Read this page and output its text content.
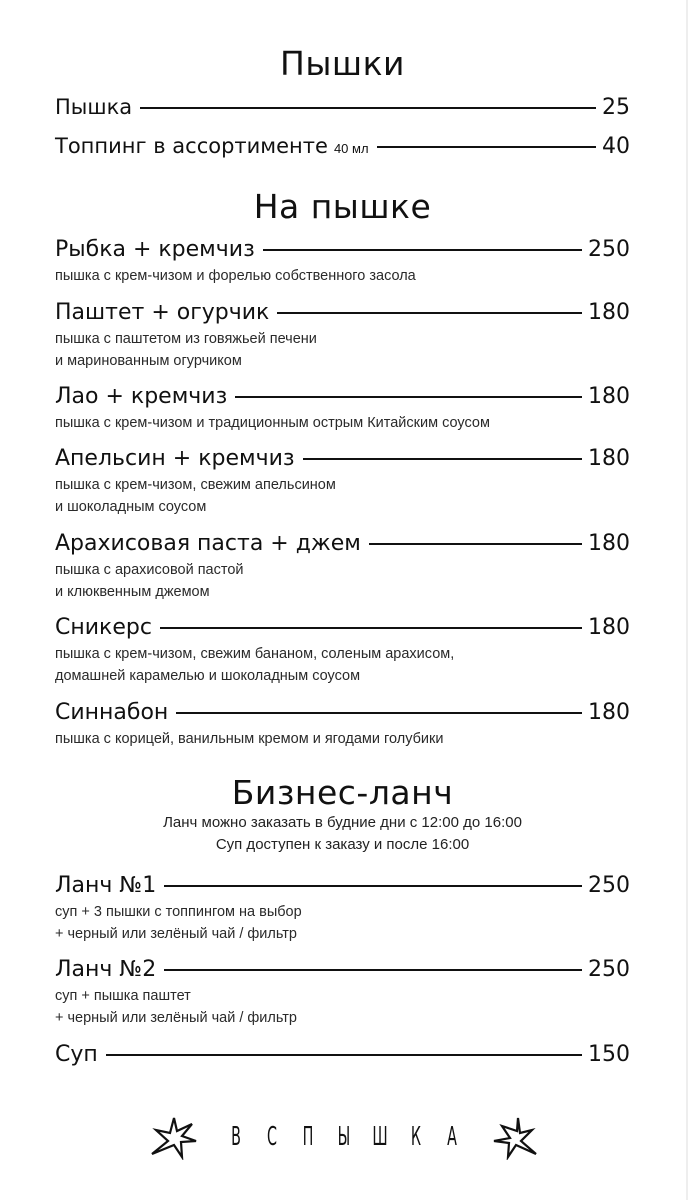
Пышки
Пышка	25
Топпинг в ассортименте 40 мл	40
На пышке
Рыбка + кремчиз	250

пышка с крем-чизом и форелью собственного засола

Паштет + огурчик	180

пышка с паштетом из говяжьей печени

и маринованным огурчиком

Лао + кремчиз	180

пышка с крем-чизом и традиционным острым Китайским соусом

Апельсин + кремчиз	180

пышка с крем-чизом, свежим апельсином

и шоколадным соусом

Арахисовая паста + джем	180

пышка с арахисовой пастой

и клюквенным джемом

Сникерс	180

пышка с крем-чизом, свежим бананом, соленым арахисом,

домашней карамелью и шоколадным соусом

Синнабон	180

пышка с корицей, ванильным кремом и ягодами голубики

Бизнес-ланч
Ланч можно заказать в будние дни с 12:00 до 16:00
Суп доступен к заказу и после 16:00
Ланч №1	250

суп + 3 пышки с топпингом на выбор

+ черный или зелёный чай / фильтр

Ланч №2	250

суп + пышка паштет

+ черный или зелёный чай / фильтр

Суп	150
В С П Ы Ш К А
